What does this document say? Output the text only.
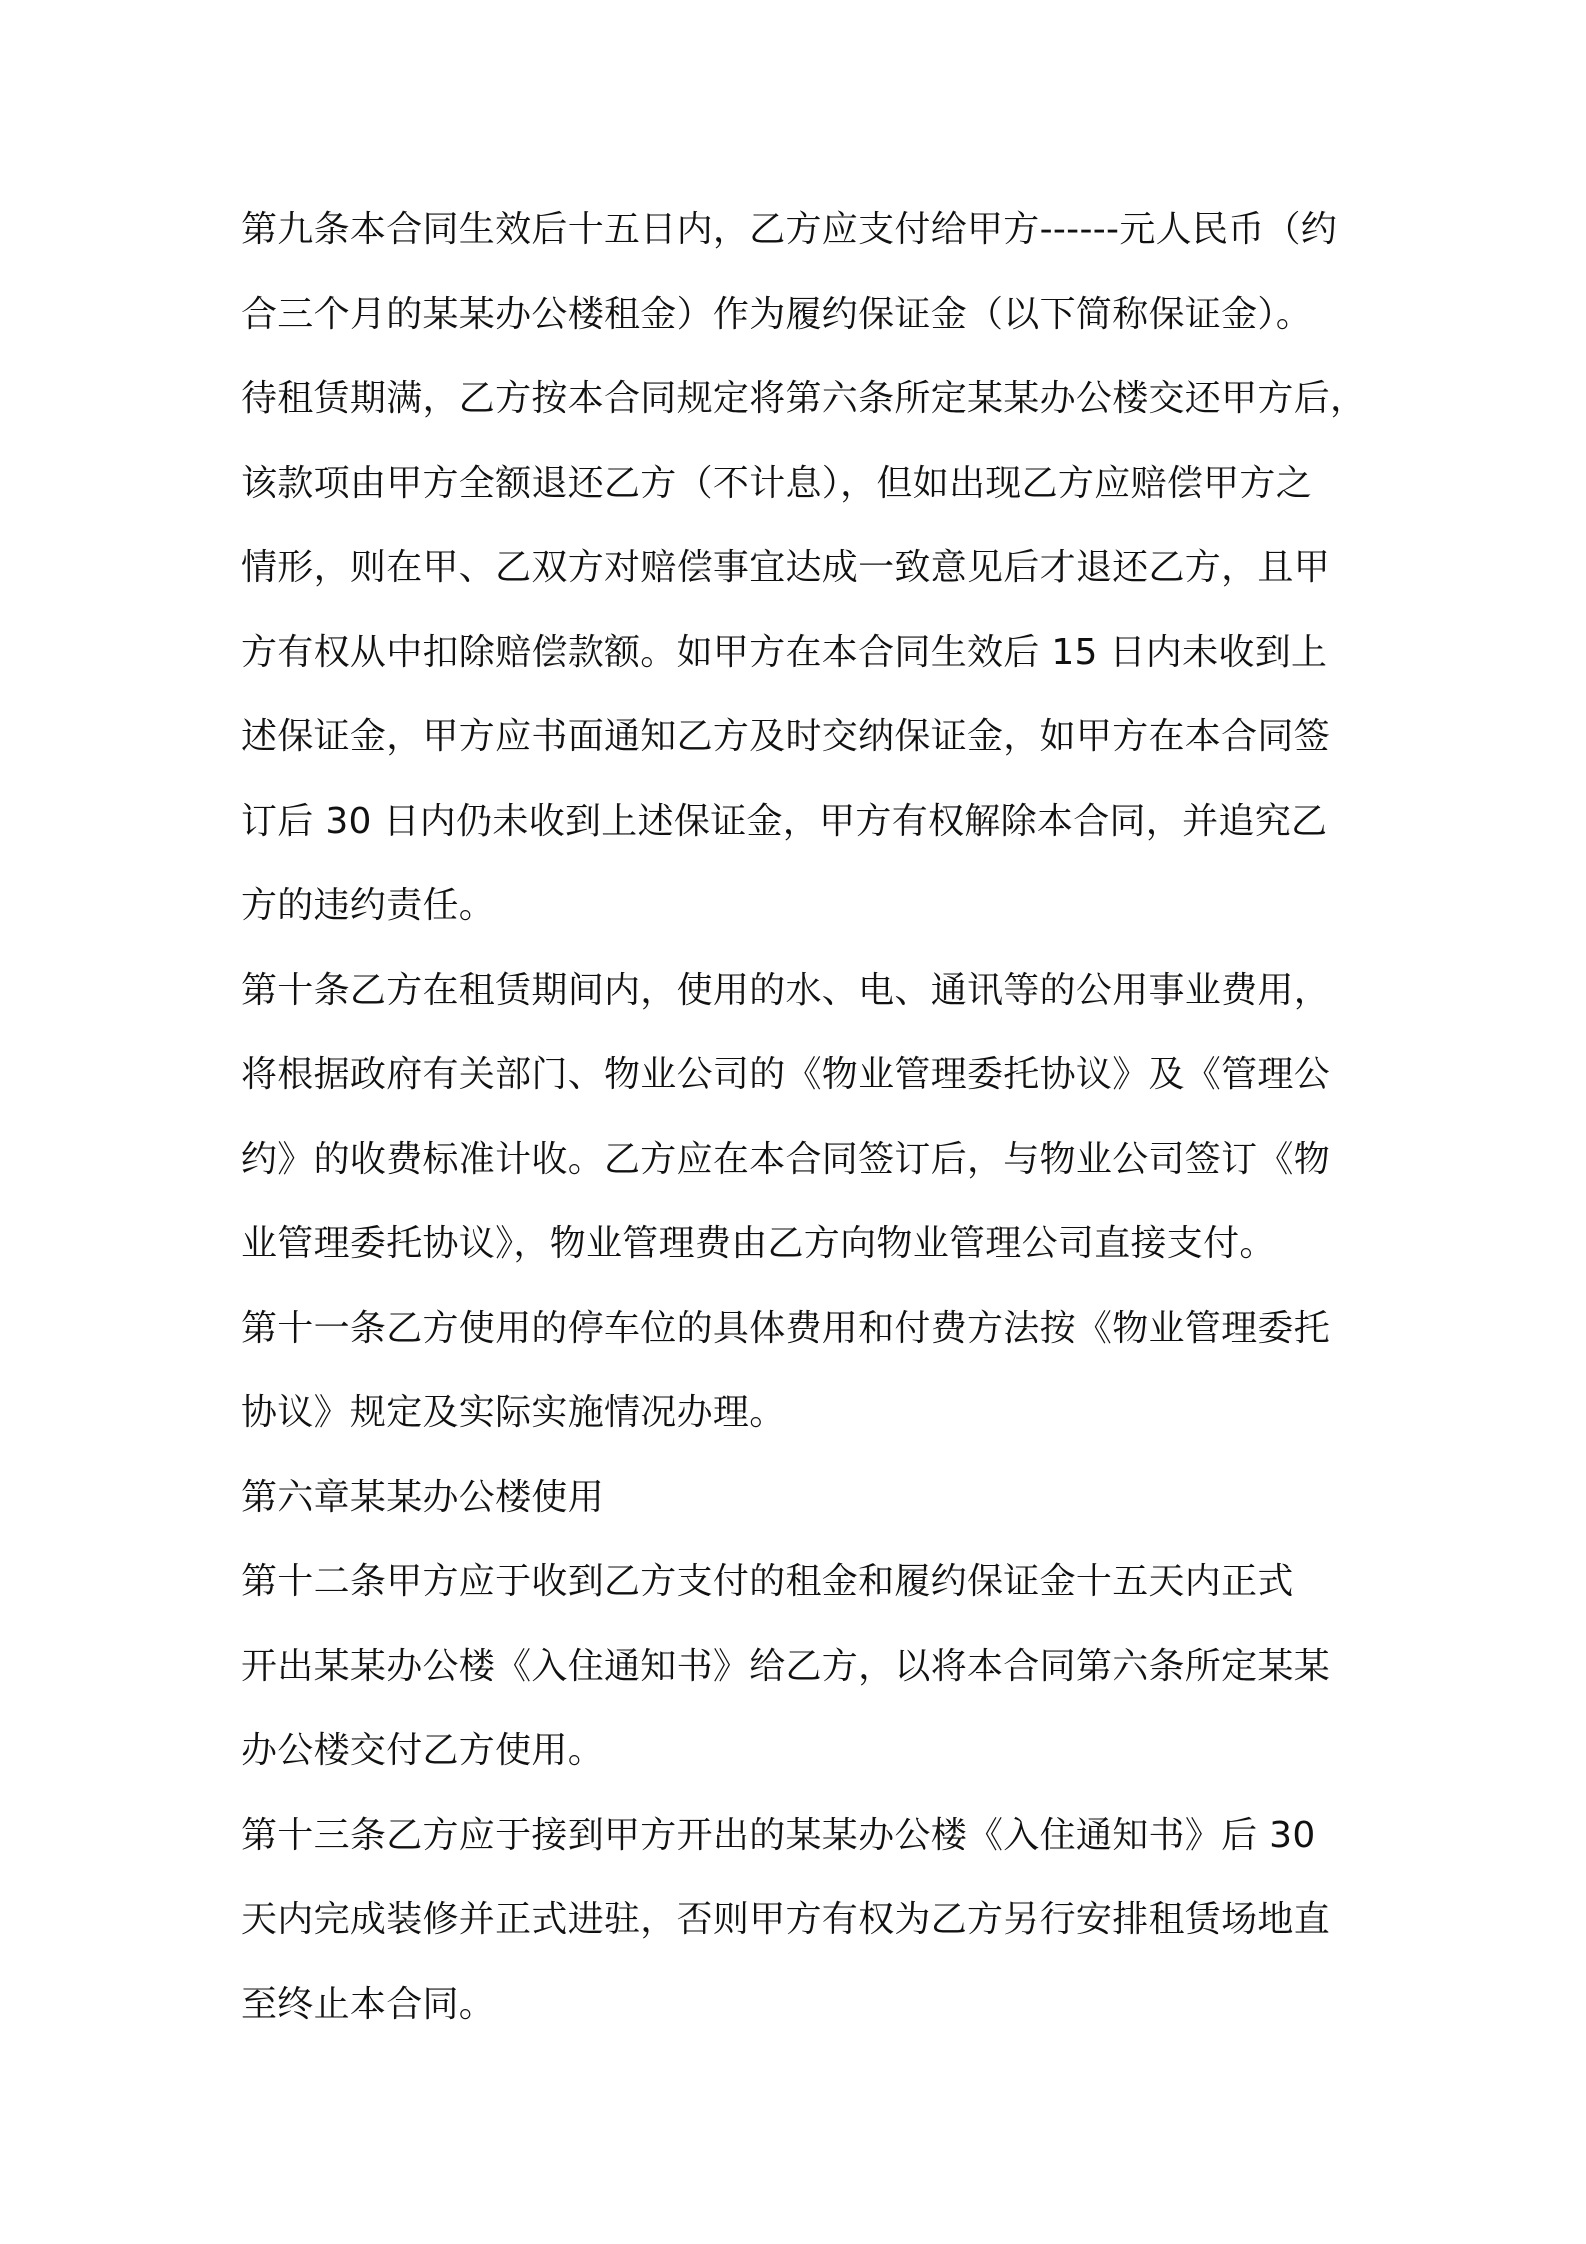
第九条本合同生效后十五日内，乙方应支付给甲方------元人民币（约
合三个月的某某办公楼租金）作为履约保证金（以下简称保证金）。
待租赁期满，乙方按本合同规定将第六条所定某某办公楼交还甲方后，
该款项由甲方全额退还乙方（不计息），但如出现乙方应赔偿甲方之
情形，则在甲、乙双方对赔偿事宜达成一致意见后才退还乙方，且甲
方有权从中扣除赔偿款额。如甲方在本合同生效后 15 日内未收到上
述保证金，甲方应书面通知乙方及时交纳保证金，如甲方在本合同签
订后 30 日内仍未收到上述保证金，甲方有权解除本合同，并追究乙
方的违约责任。
第十条乙方在租赁期间内，使用的水、电、通讯等的公用事业费用，
将根据政府有关部门、物业公司的《物业管理委托协议》及《管理公
约》的收费标准计收。乙方应在本合同签订后，与物业公司签订《物
业管理委托协议》，物业管理费由乙方向物业管理公司直接支付。
第十一条乙方使用的停车位的具体费用和付费方法按《物业管理委托
协议》规定及实际实施情况办理。
第六章某某办公楼使用
第十二条甲方应于收到乙方支付的租金和履约保证金十五天内正式
开出某某办公楼《入住通知书》给乙方，以将本合同第六条所定某某
办公楼交付乙方使用。
第十三条乙方应于接到甲方开出的某某办公楼《入住通知书》后 30
天内完成装修并正式进驻，否则甲方有权为乙方另行安排租赁场地直
至终止本合同。
